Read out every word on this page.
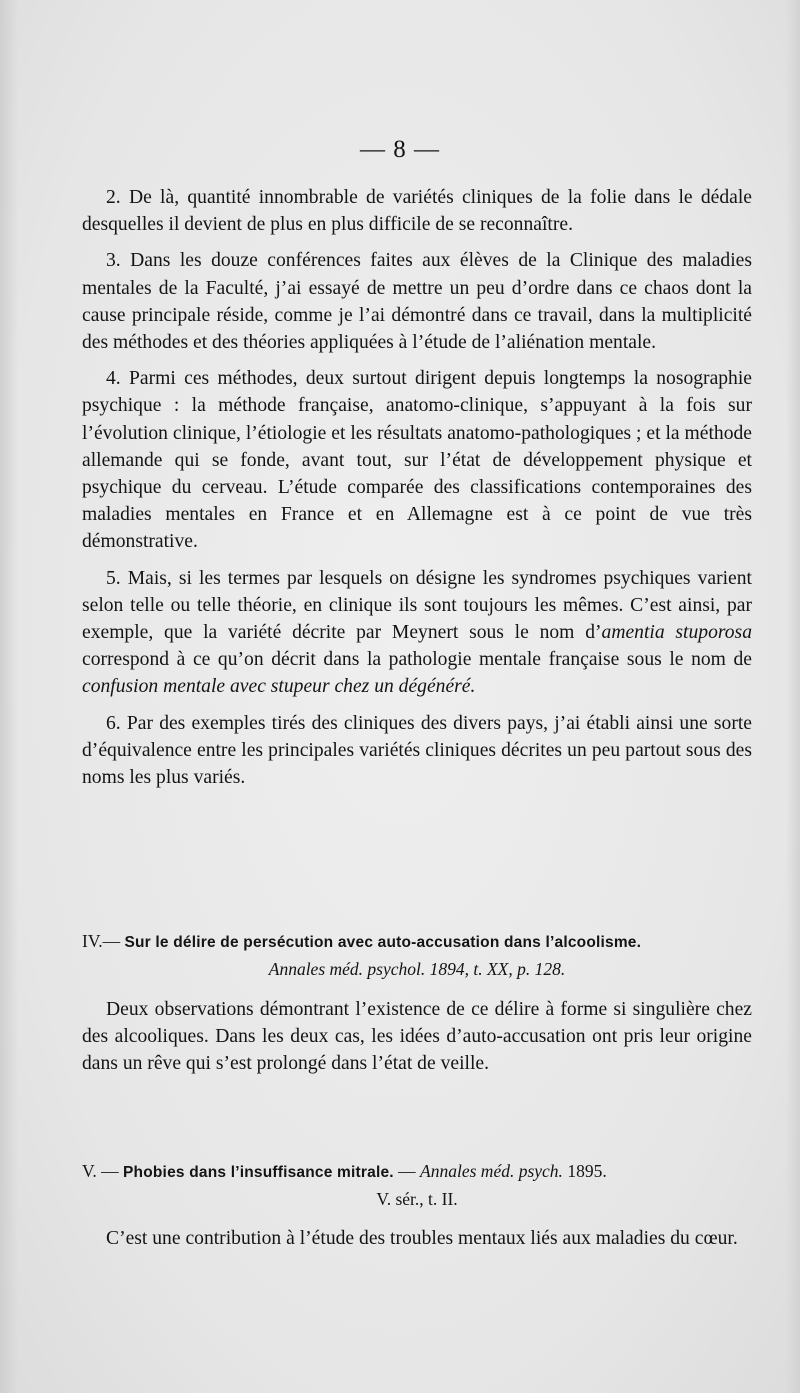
— 8 —

2. De là, quantité innombrable de variétés cliniques de la folie dans le dédale desquelles il devient de plus en plus difficile de se reconnaître.

3. Dans les douze conférences faites aux élèves de la Clinique des maladies mentales de la Faculté, j’ai essayé de mettre un peu d’ordre dans ce chaos dont la cause principale réside, comme je l’ai démontré dans ce travail, dans la multiplicité des méthodes et des théories appliquées à l’étude de l’aliénation mentale.

4. Parmi ces méthodes, deux surtout dirigent depuis longtemps la nosographie psychique : la méthode française, anatomo-clinique, s’appuyant à la fois sur l’évolution clinique, l’étiologie et les résultats anatomo-pathologiques ; et la méthode allemande qui se fonde, avant tout, sur l’état de développement physique et psychique du cerveau. L’étude comparée des classifications contemporaines des maladies mentales en France et en Allemagne est à ce point de vue très démonstrative.

5. Mais, si les termes par lesquels on désigne les syndromes psychiques varient selon telle ou telle théorie, en clinique ils sont toujours les mêmes. C’est ainsi, par exemple, que la variété décrite par Meynert sous le nom d’amentia stuporosa correspond à ce qu’on décrit dans la pathologie mentale française sous le nom de confusion mentale avec stupeur chez un dégénéré.

6. Par des exemples tirés des cliniques des divers pays, j’ai établi ainsi une sorte d’équivalence entre les principales variétés cliniques décrites un peu partout sous des noms les plus variés.

IV.— Sur le délire de persécution avec auto-accusation dans l’alcoolisme.
Annales méd. psychol. 1894, t. XX, p. 128.

Deux observations démontrant l’existence de ce délire à forme si singulière chez des alcooliques. Dans les deux cas, les idées d’auto-accusation ont pris leur origine dans un rêve qui s’est prolongé dans l’état de veille.

V. — Phobies dans l’insuffisance mitrale. — Annales méd. psych. 1895.
V. sér., t. II.

C’est une contribution à l’étude des troubles mentaux liés aux maladies du cœur.
